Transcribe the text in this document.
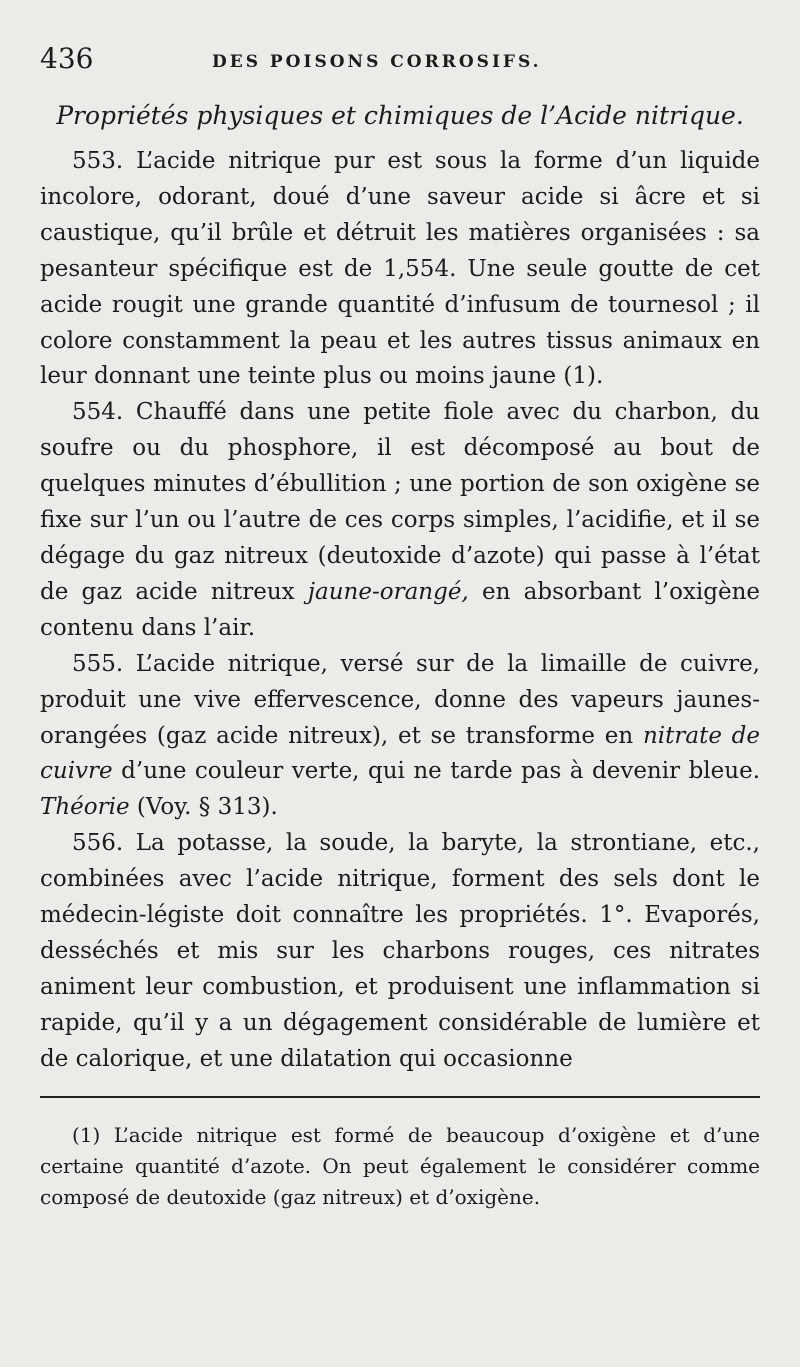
436	DES POISONS CORROSIFS.
Propriétés physiques et chimiques de l’Acide nitrique.

553. L’acide nitrique pur est sous la forme d’un liquide incolore, odorant, doué d’une saveur acide si âcre et si caustique, qu’il brûle et détruit les matières organisées : sa pesanteur spécifique est de 1,554. Une seule goutte de cet acide rougit une grande quantité d’infusum de tournesol ; il colore constamment la peau et les autres tissus animaux en leur donnant une teinte plus ou moins jaune (1).

554. Chauffé dans une petite fiole avec du charbon, du soufre ou du phosphore, il est décomposé au bout de quelques minutes d’ébullition ; une portion de son oxigène se fixe sur l’un ou l’autre de ces corps simples, l’acidifie, et il se dégage du gaz nitreux (deutoxide d’azote) qui passe à l’état de gaz acide nitreux jaune-orangé, en absorbant l’oxigène contenu dans l’air.

555. L’acide nitrique, versé sur de la limaille de cuivre, produit une vive effervescence, donne des vapeurs jaunes-orangées (gaz acide nitreux), et se transforme en nitrate de cuivre d’une couleur verte, qui ne tarde pas à devenir bleue. Théorie (Voy. § 313).

556. La potasse, la soude, la baryte, la strontiane, etc., combinées avec l’acide nitrique, forment des sels dont le médecin-légiste doit connaître les propriétés. 1°. Evaporés, desséchés et mis sur les charbons rouges, ces nitrates animent leur combustion, et produisent une inflammation si rapide, qu’il y a un dégagement considérable de lumière et de calorique, et une dilatation qui occasionne

(1) L’acide nitrique est formé de beaucoup d’oxigène et d’une certaine quantité d’azote. On peut également le considérer comme composé de deutoxide (gaz nitreux) et d’oxigène.
